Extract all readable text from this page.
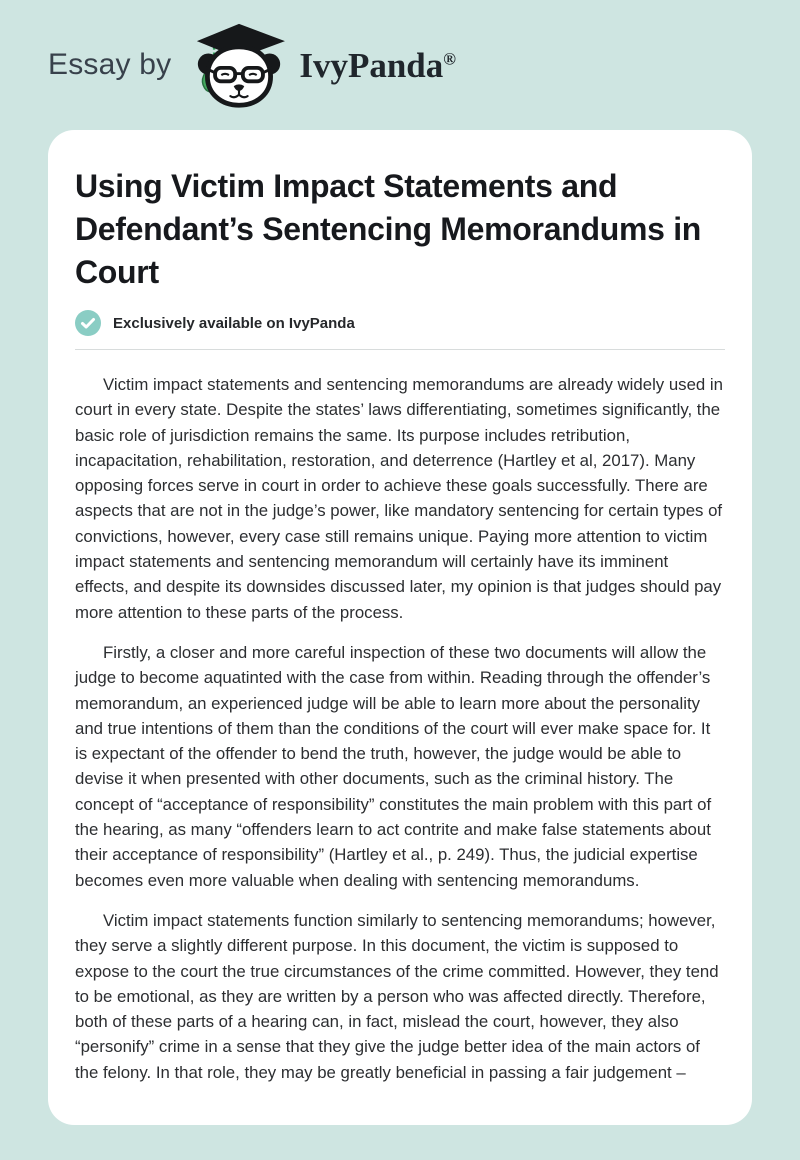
Essay by	IvyPanda®
Using Victim Impact Statements and Defendant’s Sentencing Memorandums in Court
Exclusively available on IvyPanda

Victim impact statements and sentencing memorandums are already widely used in court in every state. Despite the states’ laws differentiating, sometimes significantly, the basic role of jurisdiction remains the same. Its purpose includes retribution, incapacitation, rehabilitation, restoration, and deterrence (Hartley et al, 2017). Many opposing forces serve in court in order to achieve these goals successfully. There are aspects that are not in the judge’s power, like mandatory sentencing for certain types of convictions, however, every case still remains unique. Paying more attention to victim impact statements and sentencing memorandum will certainly have its imminent effects, and despite its downsides discussed later, my opinion is that judges should pay more attention to these parts of the process.

Firstly, a closer and more careful inspection of these two documents will allow the judge to become aquatinted with the case from within. Reading through the offender’s memorandum, an experienced judge will be able to learn more about the personality and true intentions of them than the conditions of the court will ever make space for. It is expectant of the offender to bend the truth, however, the judge would be able to devise it when presented with other documents, such as the criminal history. The concept of “acceptance of responsibility” constitutes the main problem with this part of the hearing, as many “offenders learn to act contrite and make false statements about their acceptance of responsibility” (Hartley et al., p. 249). Thus, the judicial expertise becomes even more valuable when dealing with sentencing memorandums.

Victim impact statements function similarly to sentencing memorandums; however, they serve a slightly different purpose. In this document, the victim is supposed to expose to the court the true circumstances of the crime committed. However, they tend to be emotional, as they are written by a person who was affected directly. Therefore, both of these parts of a hearing can, in fact, mislead the court, however, they also “personify” crime in a sense that they give the judge better idea of the main actors of the felony. In that role, they may be greatly beneficial in passing a fair judgement –
